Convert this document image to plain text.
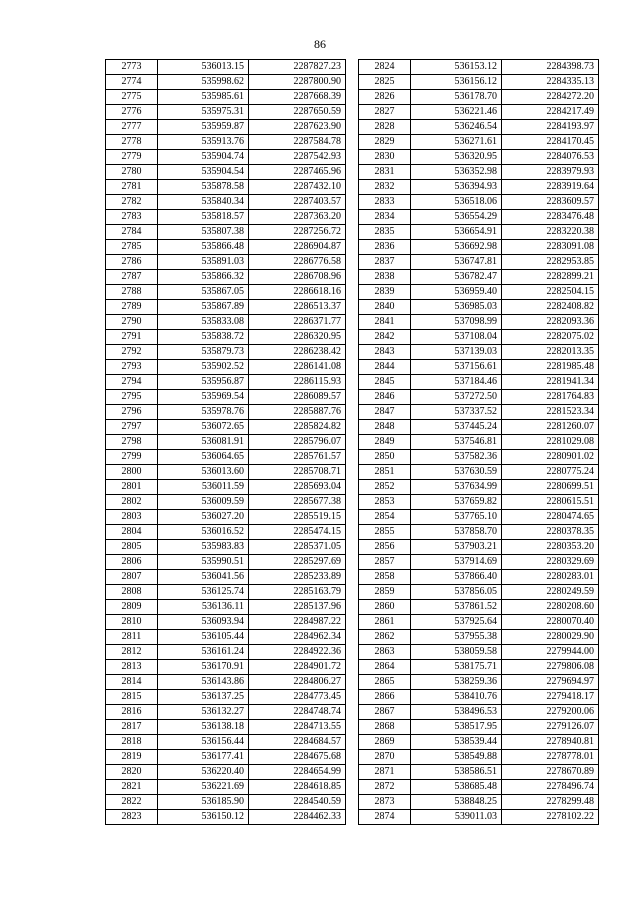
86
2773	536013.15	2287827.23
2774	535998.62	2287800.90
2775	535985.61	2287668.39
2776	535975.31	2287650.59
2777	535959.87	2287623.90
2778	535913.76	2287584.78
2779	535904.74	2287542.93
2780	535904.54	2287465.96
2781	535878.58	2287432.10
2782	535840.34	2287403.57
2783	535818.57	2287363.20
2784	535807.38	2287256.72
2785	535866.48	2286904.87
2786	535891.03	2286776.58
2787	535866.32	2286708.96
2788	535867.05	2286618.16
2789	535867.89	2286513.37
2790	535833.08	2286371.77
2791	535838.72	2286320.95
2792	535879.73	2286238.42
2793	535902.52	2286141.08
2794	535956.87	2286115.93
2795	535969.54	2286089.57
2796	535978.76	2285887.76
2797	536072.65	2285824.82
2798	536081.91	2285796.07
2799	536064.65	2285761.57
2800	536013.60	2285708.71
2801	536011.59	2285693.04
2802	536009.59	2285677.38
2803	536027.20	2285519.15
2804	536016.52	2285474.15
2805	535983.83	2285371.05
2806	535990.51	2285297.69
2807	536041.56	2285233.89
2808	536125.74	2285163.79
2809	536136.11	2285137.96
2810	536093.94	2284987.22
2811	536105.44	2284962.34
2812	536161.24	2284922.36
2813	536170.91	2284901.72
2814	536143.86	2284806.27
2815	536137.25	2284773.45
2816	536132.27	2284748.74
2817	536138.18	2284713.55
2818	536156.44	2284684.57
2819	536177.41	2284675.68
2820	536220.40	2284654.99
2821	536221.69	2284618.85
2822	536185.90	2284540.59
2823	536150.12	2284462.33
2824	536153.12	2284398.73
2825	536156.12	2284335.13
2826	536178.70	2284272.20
2827	536221.46	2284217.49
2828	536246.54	2284193.97
2829	536271.61	2284170.45
2830	536320.95	2284076.53
2831	536352.98	2283979.93
2832	536394.93	2283919.64
2833	536518.06	2283609.57
2834	536554.29	2283476.48
2835	536654.91	2283220.38
2836	536692.98	2283091.08
2837	536747.81	2282953.85
2838	536782.47	2282899.21
2839	536959.40	2282504.15
2840	536985.03	2282408.82
2841	537098.99	2282093.36
2842	537108.04	2282075.02
2843	537139.03	2282013.35
2844	537156.61	2281985.48
2845	537184.46	2281941.34
2846	537272.50	2281764.83
2847	537337.52	2281523.34
2848	537445.24	2281260.07
2849	537546.81	2281029.08
2850	537582.36	2280901.02
2851	537630.59	2280775.24
2852	537634.99	2280699.51
2853	537659.82	2280615.51
2854	537765.10	2280474.65
2855	537858.70	2280378.35
2856	537903.21	2280353.20
2857	537914.69	2280329.69
2858	537866.40	2280283.01
2859	537856.05	2280249.59
2860	537861.52	2280208.60
2861	537925.64	2280070.40
2862	537955.38	2280029.90
2863	538059.58	2279944.00
2864	538175.71	2279806.08
2865	538259.36	2279694.97
2866	538410.76	2279418.17
2867	538496.53	2279200.06
2868	538517.95	2279126.07
2869	538539.44	2278940.81
2870	538549.88	2278778.01
2871	538586.51	2278670.89
2872	538685.48	2278496.74
2873	538848.25	2278299.48
2874	539011.03	2278102.22
